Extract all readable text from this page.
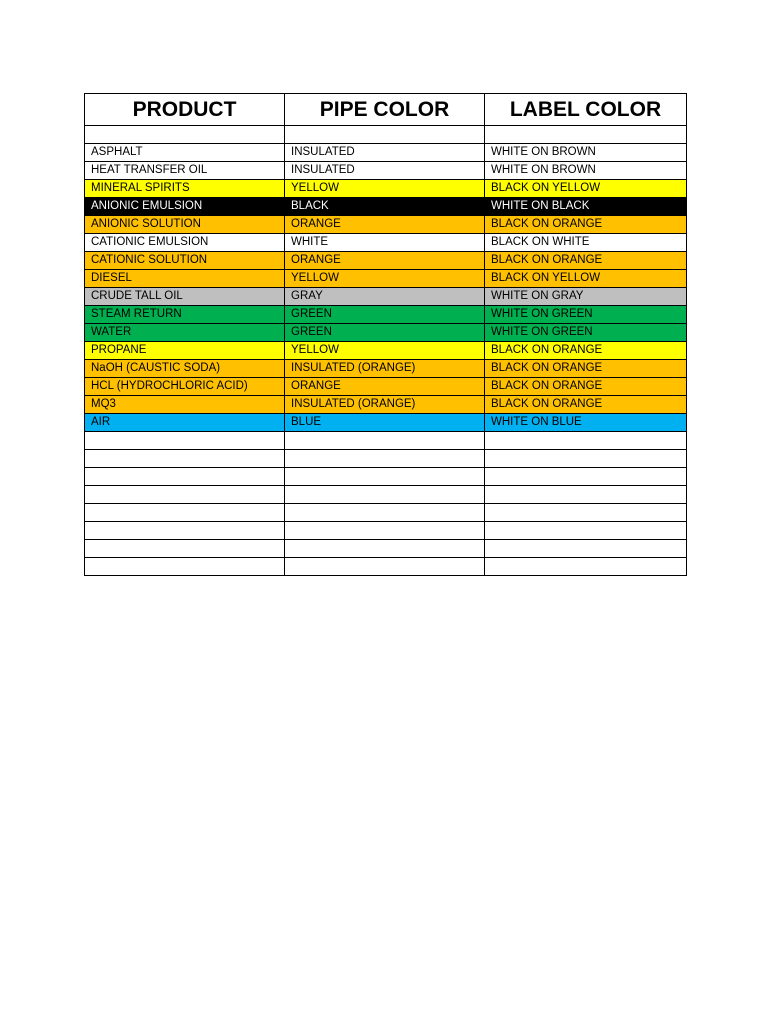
PRODUCT	PIPE COLOR	LABEL COLOR

ASPHALT	INSULATED	WHITE ON BROWN
HEAT TRANSFER OIL	INSULATED	WHITE ON BROWN
MINERAL SPIRITS	YELLOW	BLACK ON YELLOW
ANIONIC EMULSION	BLACK	WHITE ON BLACK
ANIONIC SOLUTION	ORANGE	BLACK ON ORANGE
CATIONIC EMULSION	WHITE	BLACK ON WHITE
CATIONIC SOLUTION	ORANGE	BLACK ON ORANGE
DIESEL	YELLOW	BLACK ON YELLOW
CRUDE TALL OIL	GRAY	WHITE ON GRAY
STEAM RETURN	GREEN	WHITE ON GREEN
WATER	GREEN	WHITE ON GREEN
PROPANE	YELLOW	BLACK ON ORANGE
NaOH (CAUSTIC SODA)	INSULATED (ORANGE)	BLACK ON ORANGE
HCL (HYDROCHLORIC ACID)	ORANGE	BLACK ON ORANGE
MQ3	INSULATED (ORANGE)	BLACK ON ORANGE
AIR	BLUE	WHITE ON BLUE
